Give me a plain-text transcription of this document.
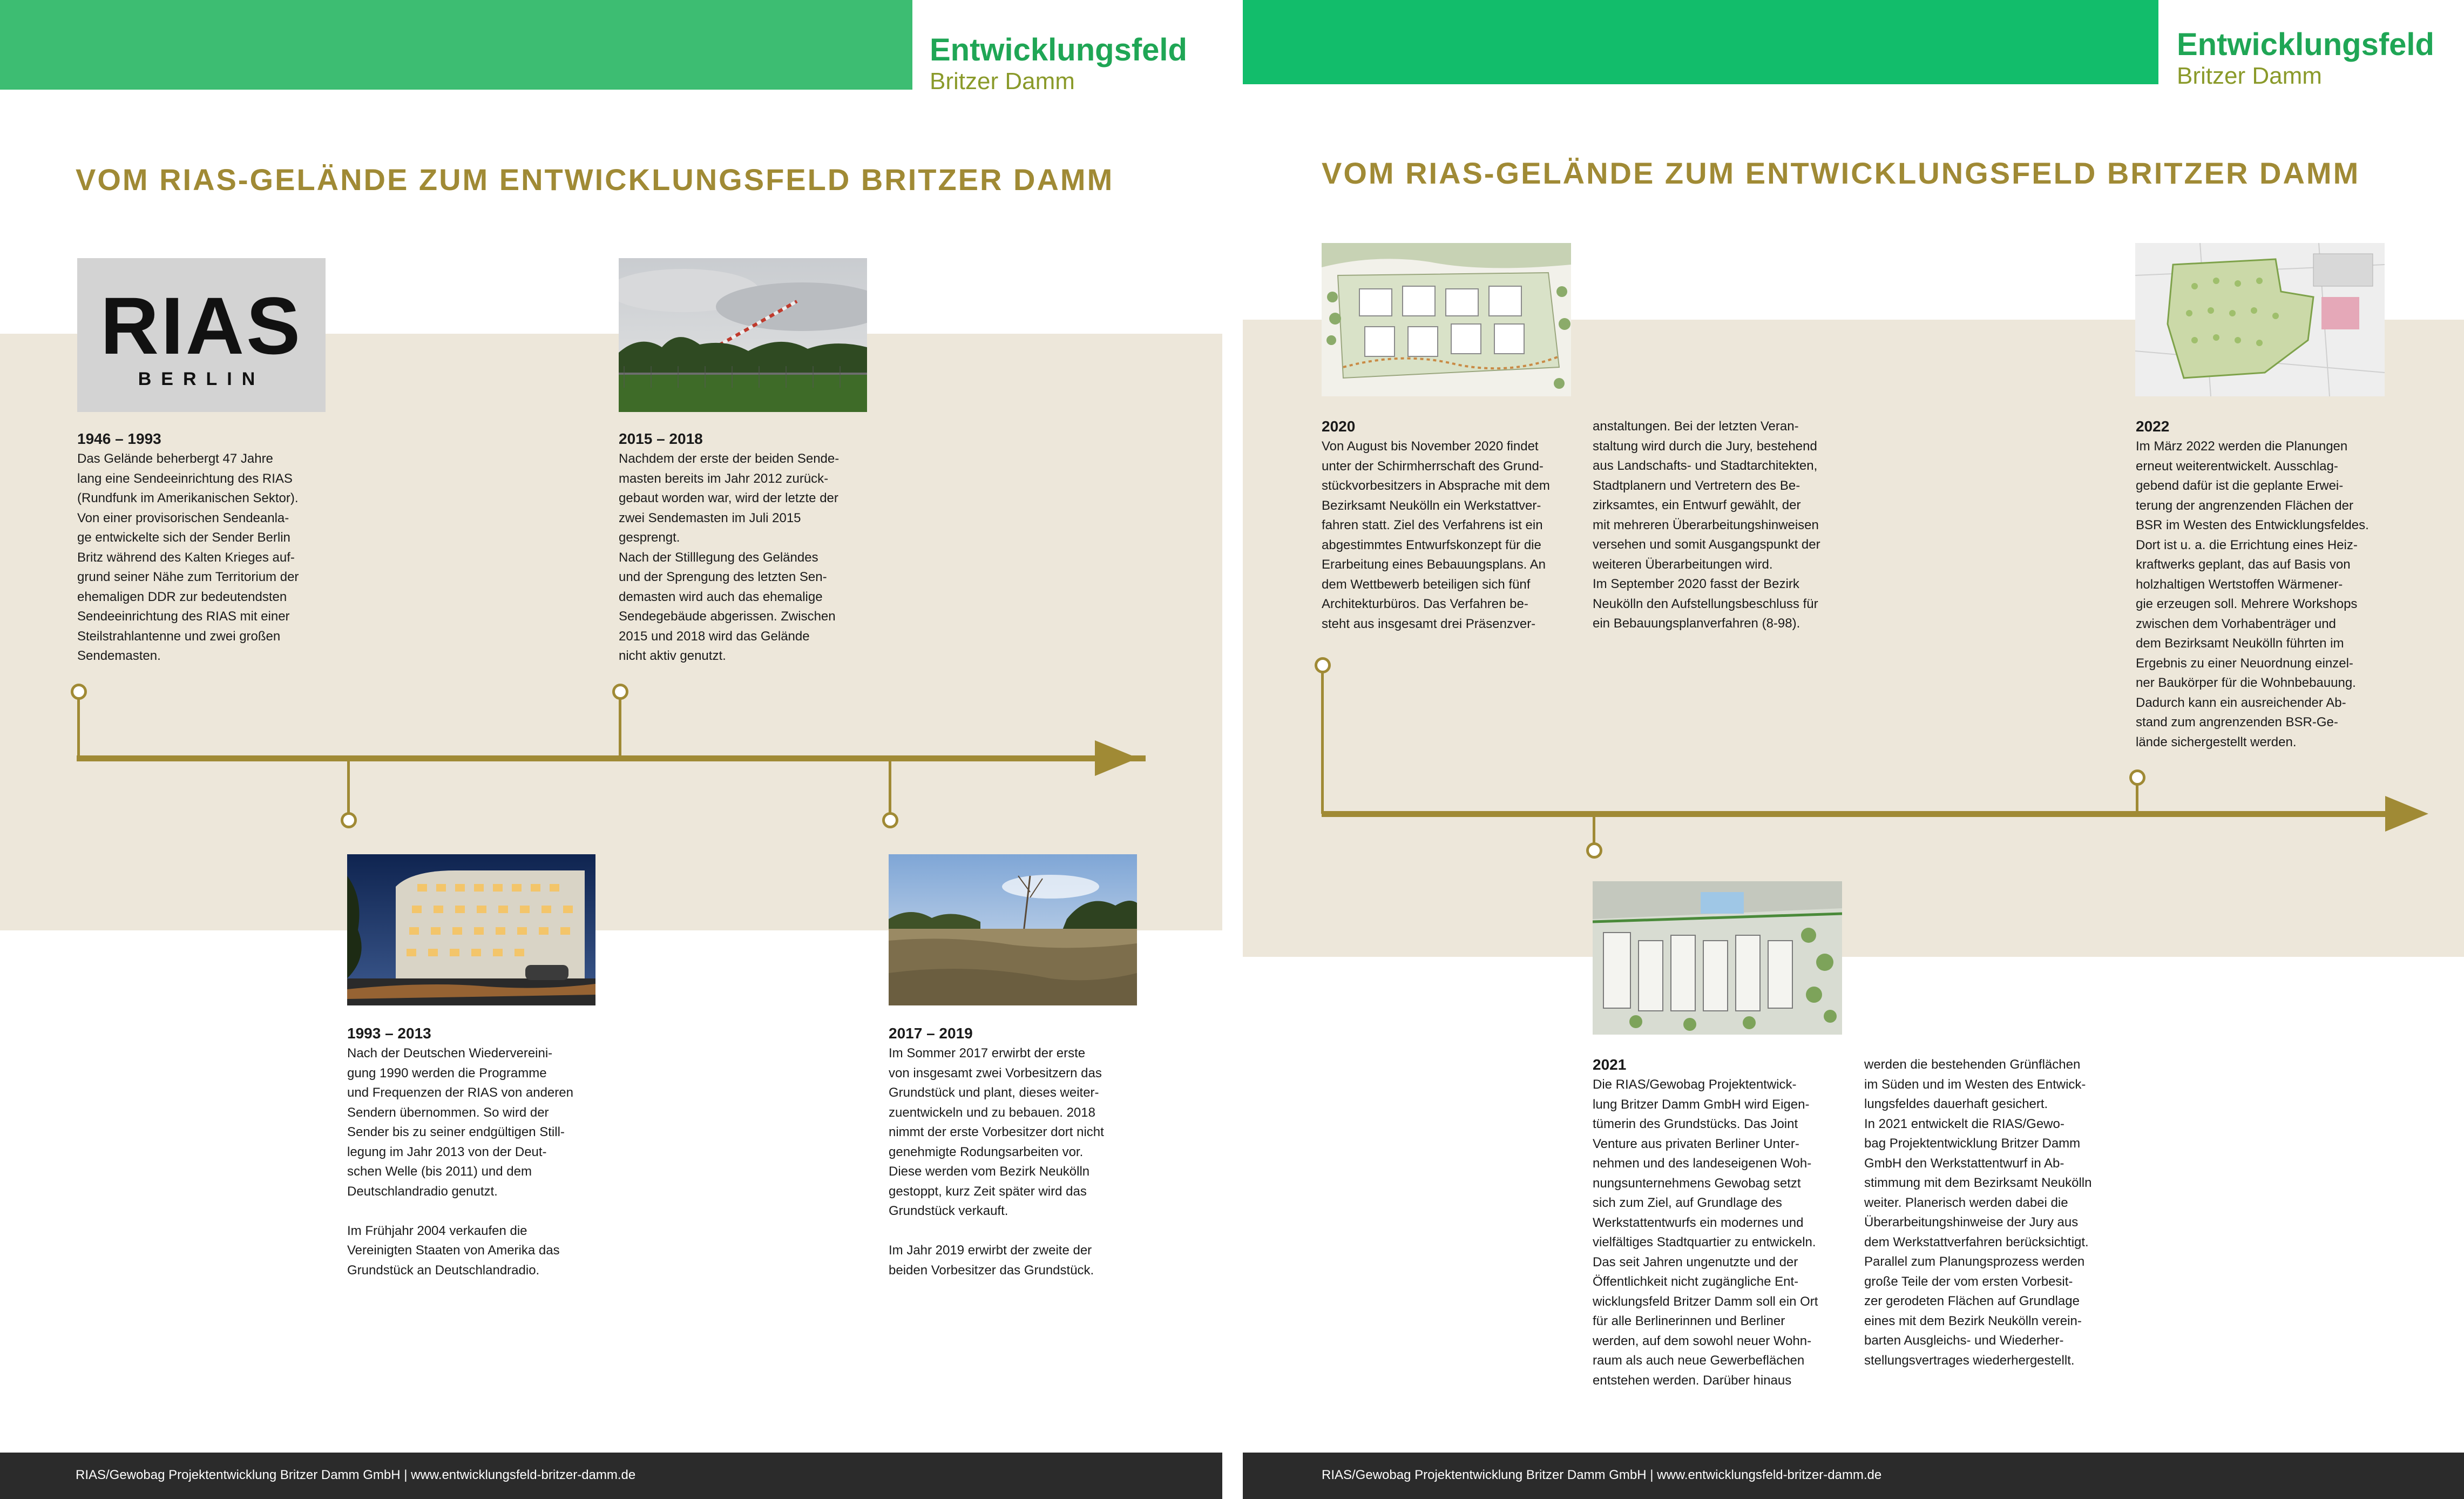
Entwicklungsfeld
Britzer Damm
VOM RIAS-GELÄNDE ZUM ENTWICKLUNGSFELD BRITZER DAMM
RIAS
BERLIN

1946 – 1993
Das Gelände beherbergt 47 Jahre
lang eine Sendeeinrichtung des RIAS
(Rundfunk im Amerikanischen Sektor).
Von einer provisorischen Sendeanla-
ge entwickelte sich der Sender Berlin
Britz während des Kalten Krieges auf-
grund seiner Nähe zum Territorium der
ehemaligen DDR zur bedeutendsten
Sendeeinrichtung des RIAS mit einer
Steilstrahlantenne und zwei großen
Sendemasten.
2015 – 2018
Nachdem der erste der beiden Sende-
masten bereits im Jahr 2012 zurück-
gebaut worden war, wird der letzte der
zwei Sendemasten im Juli 2015
gesprengt.
Nach der Stilllegung des Geländes
und der Sprengung des letzten Sen-
demasten wird auch das ehemalige
Sendegebäude abgerissen. Zwischen
2015 und 2018 wird das Gelände
nicht aktiv genutzt.
1993 – 2013
Nach der Deutschen Wiedervereini-
gung 1990 werden die Programme
und Frequenzen der RIAS von anderen
Sendern übernommen. So wird der
Sender bis zu seiner endgültigen Still-
legung im Jahr 2013 von der Deut-
schen Welle (bis 2011) und dem
Deutschlandradio genutzt.

Im Frühjahr 2004 verkaufen die
Vereinigten Staaten von Amerika das
Grundstück an Deutschlandradio.
2017 – 2019
Im Sommer 2017 erwirbt der erste
von insgesamt zwei Vorbesitzern das
Grundstück und plant, dieses weiter-
zuentwickeln und zu bebauen. 2018
nimmt der erste Vorbesitzer dort nicht
genehmigte Rodungsarbeiten vor.
Diese werden vom Bezirk Neukölln
gestoppt, kurz Zeit später wird das
Grundstück verkauft.

Im Jahr 2019 erwirbt der zweite der
beiden Vorbesitzer das Grundstück.
RIAS/Gewobag Projektentwicklung Britzer Damm GmbH | www.entwicklungsfeld-britzer-damm.de
Entwicklungsfeld
Britzer Damm
VOM RIAS-GELÄNDE ZUM ENTWICKLUNGSFELD BRITZER DAMM
2020
Von August bis November 2020 findet
unter der Schirmherrschaft des Grund-
stückvorbesitzers in Absprache mit dem
Bezirksamt Neukölln ein Werkstattver-
fahren statt. Ziel des Verfahrens ist ein
abgestimmtes Entwurfskonzept für die
Erarbeitung eines Bebauungsplans. An
dem Wettbewerb beteiligen sich fünf
Architekturbüros. Das Verfahren be-
steht aus insgesamt drei Präsenzver-
anstaltungen. Bei der letzten Veran-
staltung wird durch die Jury, bestehend
aus Landschafts- und Stadtarchitekten,
Stadtplanern und Vertretern des Be-
zirksamtes, ein Entwurf gewählt, der
mit mehreren Überarbeitungshinweisen
versehen und somit Ausgangspunkt der
weiteren Überarbeitungen wird.
Im September 2020 fasst der Bezirk
Neukölln den Aufstellungsbeschluss für
ein Bebauungsplanverfahren (8-98).
2021
Die RIAS/Gewobag Projektentwick-
lung Britzer Damm GmbH wird Eigen-
tümerin des Grundstücks. Das Joint
Venture aus privaten Berliner Unter-
nehmen und des landeseigenen Woh-
nungsunternehmens Gewobag setzt
sich zum Ziel, auf Grundlage des
Werkstattentwurfs ein modernes und
vielfältiges Stadtquartier zu entwickeln.
Das seit Jahren ungenutzte und der
Öffentlichkeit nicht zugängliche Ent-
wicklungsfeld Britzer Damm soll ein Ort
für alle Berlinerinnen und Berliner
werden, auf dem sowohl neuer Wohn-
raum als auch neue Gewerbeflächen
entstehen werden. Darüber hinaus
werden die bestehenden Grünflächen
im Süden und im Westen des Entwick-
lungsfeldes dauerhaft gesichert.
In 2021 entwickelt die RIAS/Gewo-
bag Projektentwicklung Britzer Damm
GmbH den Werkstattentwurf in Ab-
stimmung mit dem Bezirksamt Neukölln
weiter. Planerisch werden dabei die
Überarbeitungshinweise der Jury aus
dem Werkstattverfahren berücksichtigt.
Parallel zum Planungsprozess werden
große Teile der vom ersten Vorbesit-
zer gerodeten Flächen auf Grundlage
eines mit dem Bezirk Neukölln verein-
barten Ausgleichs- und Wiederher-
stellungsvertrages wiederhergestellt.
2022
Im März 2022 werden die Planungen
erneut weiterentwickelt. Ausschlag-
gebend dafür ist die geplante Erwei-
terung der angrenzenden Flächen der
BSR im Westen des Entwicklungsfeldes.
Dort ist u. a. die Errichtung eines Heiz-
kraftwerks geplant, das auf Basis von
holzhaltigen Wertstoffen Wärmener-
gie erzeugen soll. Mehrere Workshops
zwischen dem Vorhabenträger und
dem Bezirksamt Neukölln führten im
Ergebnis zu einer Neuordnung einzel-
ner Baukörper für die Wohnbebauung.
Dadurch kann ein ausreichender Ab-
stand zum angrenzenden BSR-Ge-
lände sichergestellt werden.
RIAS/Gewobag Projektentwicklung Britzer Damm GmbH | www.entwicklungsfeld-britzer-damm.de
